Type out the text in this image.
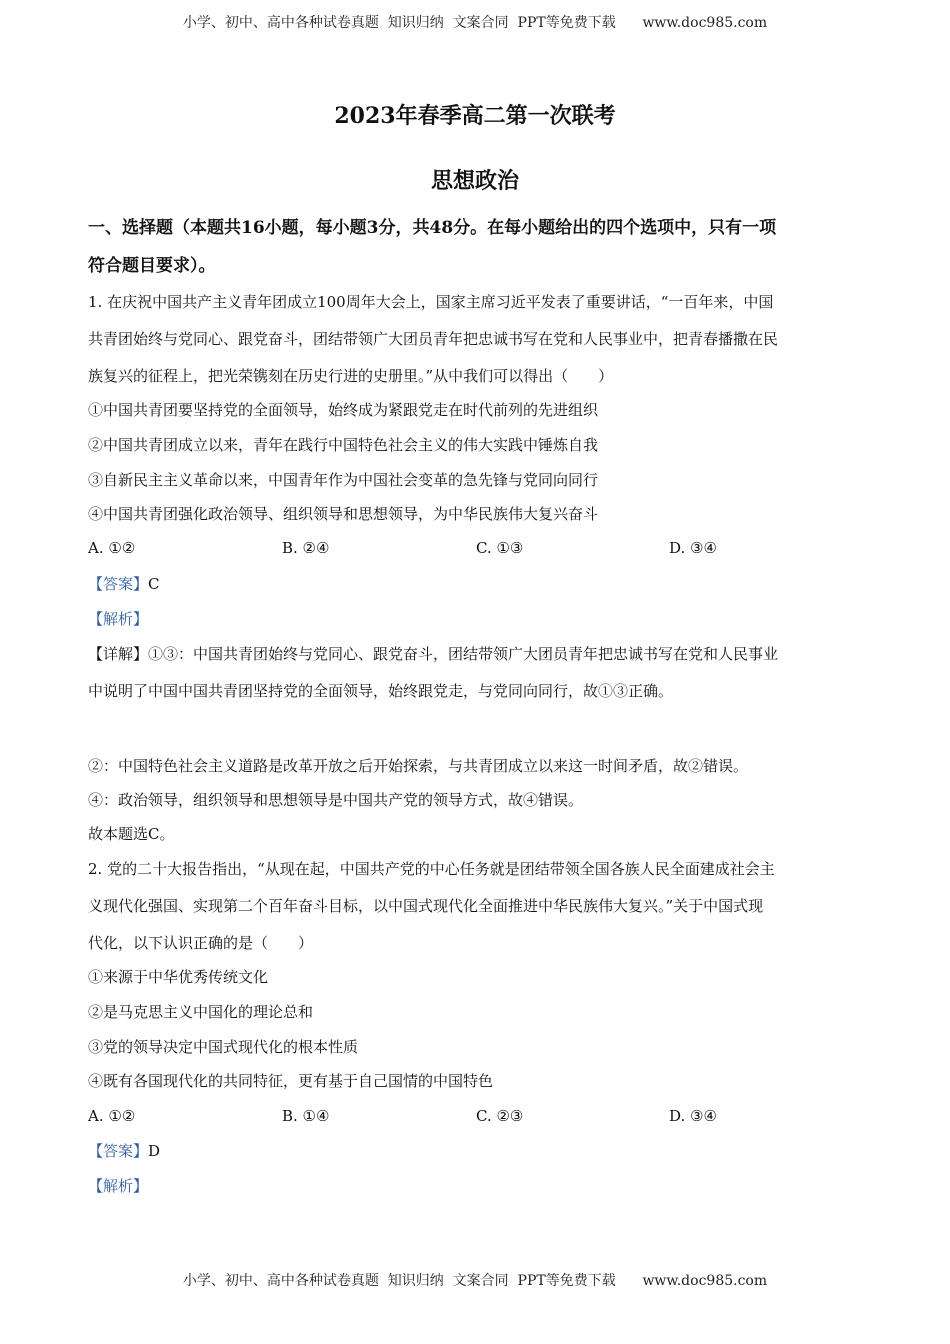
小学、初中、高中各种试卷真题  知识归纳  文案合同  PPT等免费下载      www.doc985.com
2023年春季高二第一次联考
思想政治
一、选择题（本题共16小题，每小题3分，共48分。在每小题给出的四个选项中，只有一项
符合题目要求）。
1. 在庆祝中国共产主义青年团成立100周年大会上，国家主席习近平发表了重要讲话，“一百年来，中国
共青团始终与党同心、跟党奋斗，团结带领广大团员青年把忠诚书写在党和人民事业中，把青春播撒在民
族复兴的征程上，把光荣镌刻在历史行进的史册里。”从中我们可以得出（　　）
①中国共青团要坚持党的全面领导，始终成为紧跟党走在时代前列的先进组织
②中国共青团成立以来，青年在践行中国特色社会主义的伟大实践中锤炼自我
③自新民主主义革命以来，中国青年作为中国社会变革的急先锋与党同向同行
④中国共青团强化政治领导、组织领导和思想领导，为中华民族伟大复兴奋斗
A. ①②	B. ②④	C. ①③	D. ③④
【答案】C
【解析】
【详解】①③：中国共青团始终与党同心、跟党奋斗，团结带领广大团员青年把忠诚书写在党和人民事业
中说明了中国中国共青团坚持党的全面领导，始终跟党走，与党同向同行，故①③正确。
②：中国特色社会主义道路是改革开放之后开始探索，与共青团成立以来这一时间矛盾，故②错误。
④：政治领导，组织领导和思想领导是中国共产党的领导方式，故④错误。
故本题选C。
2. 党的二十大报告指出，“从现在起，中国共产党的中心任务就是团结带领全国各族人民全面建成社会主
义现代化强国、实现第二个百年奋斗目标，以中国式现代化全面推进中华民族伟大复兴。”关于中国式现
代化，以下认识正确的是（　　）
①来源于中华优秀传统文化
②是马克思主义中国化的理论总和
③党的领导决定中国式现代化的根本性质
④既有各国现代化的共同特征，更有基于自己国情的中国特色
A. ①②	B. ①④	C. ②③	D. ③④
【答案】D
【解析】
小学、初中、高中各种试卷真题  知识归纳  文案合同  PPT等免费下载      www.doc985.com
